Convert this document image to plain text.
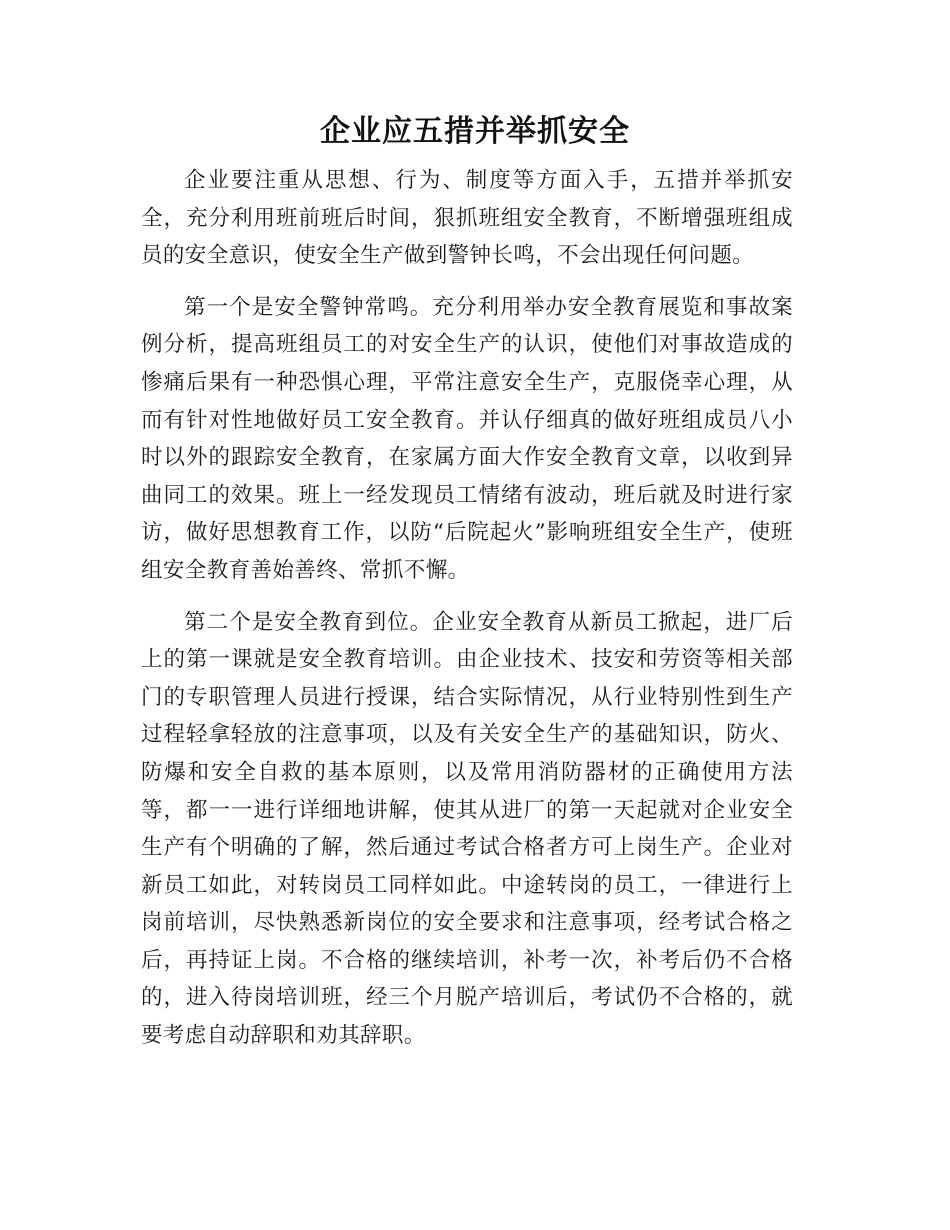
企业应五措并举抓安全

企业要注重从思想、行为、制度等方面入手，五措并举抓安全，充分利用班前班后时间，狠抓班组安全教育，不断增强班组成员的安全意识，使安全生产做到警钟长鸣，不会出现任何问题。

第一个是安全警钟常鸣。充分利用举办安全教育展览和事故案例分析，提高班组员工的对安全生产的认识，使他们对事故造成的惨痛后果有一种恐惧心理，平常注意安全生产，克服侥幸心理，从而有针对性地做好员工安全教育。并认仔细真的做好班组成员八小时以外的跟踪安全教育，在家属方面大作安全教育文章，以收到异曲同工的效果。班上一经发现员工情绪有波动，班后就及时进行家访，做好思想教育工作，以防“后院起火”影响班组安全生产，使班组安全教育善始善终、常抓不懈。

第二个是安全教育到位。企业安全教育从新员工掀起，进厂后上的第一课就是安全教育培训。由企业技术、技安和劳资等相关部门的专职管理人员进行授课，结合实际情况，从行业特别性到生产过程轻拿轻放的注意事项，以及有关安全生产的基础知识，防火、防爆和安全自救的基本原则，以及常用消防器材的正确使用方法等，都一一进行详细地讲解，使其从进厂的第一天起就对企业安全生产有个明确的了解，然后通过考试合格者方可上岗生产。企业对新员工如此，对转岗员工同样如此。中途转岗的员工，一律进行上岗前培训，尽快熟悉新岗位的安全要求和注意事项，经考试合格之后，再持证上岗。不合格的继续培训，补考一次，补考后仍不合格的，进入待岗培训班，经三个月脱产培训后，考试仍不合格的，就要考虑自动辞职和劝其辞职。
